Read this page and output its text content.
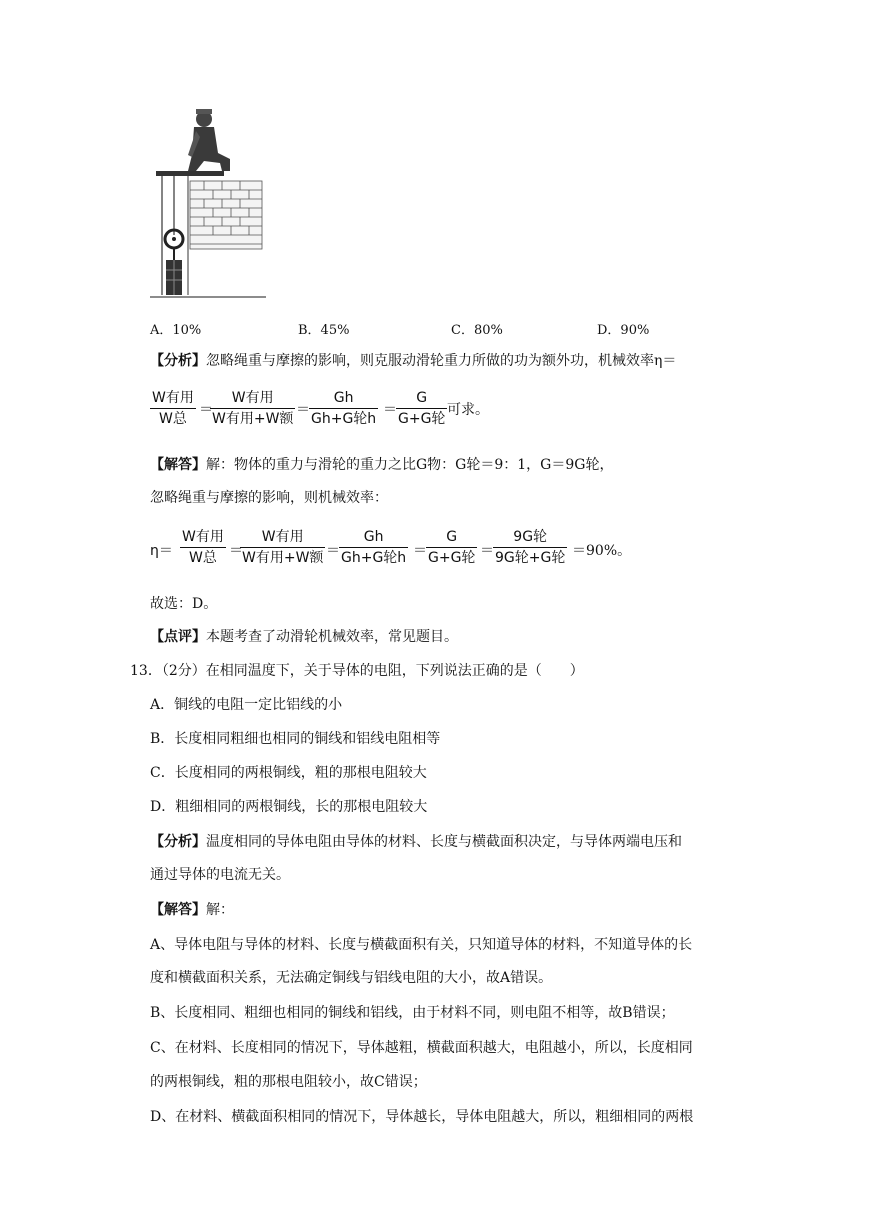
A．10%	B．45%	C．80%	D．90%
【分析】忽略绳重与摩擦的影响，则克服动滑轮重力所做的功为额外功，机械效率η＝
W有用
W总
＝
W有用
W有用+W额
＝
Gh
Gh+G轮h
＝
G
G+G轮
可求。
【解答】解：物体的重力与滑轮的重力之比G物：G轮＝9：1，G＝9G轮，
忽略绳重与摩擦的影响，则机械效率：
η＝
W有用
W总 ＝
W有用
W有用+W额 ＝
Gh
Gh+G轮h ＝
G
G+G轮 ＝
9G轮
9G轮+G轮 ＝90%。
故选：D。
【点评】本题考查了动滑轮机械效率，常见题目。
13．（2分）在相同温度下，关于导体的电阻，下列说法正确的是（　　）
A．铜线的电阻一定比铝线的小
B．长度相同粗细也相同的铜线和铝线电阻相等
C．长度相同的两根铜线，粗的那根电阻较大
D．粗细相同的两根铜线，长的那根电阻较大
【分析】温度相同的导体电阻由导体的材料、长度与横截面积决定，与导体两端电压和
通过导体的电流无关。
【解答】解：
A、导体电阻与导体的材料、长度与横截面积有关，只知道导体的材料，不知道导体的长
度和横截面积关系，无法确定铜线与铝线电阻的大小，故A错误。
B、长度相同、粗细也相同的铜线和铝线，由于材料不同，则电阻不相等，故B错误；
C、在材料、长度相同的情况下，导体越粗，横截面积越大，电阻越小，所以，长度相同
的两根铜线，粗的那根电阻较小，故C错误；
D、在材料、横截面积相同的情况下，导体越长，导体电阻越大，所以，粗细相同的两根
